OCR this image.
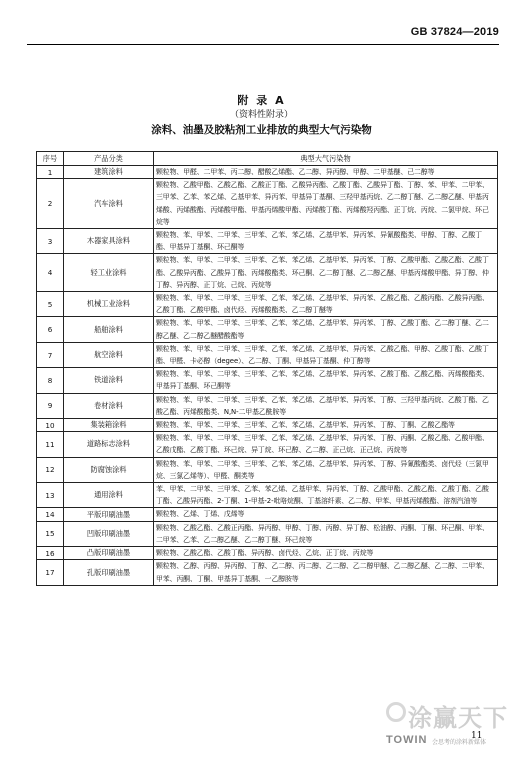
GB 37824—2019
附 录 A
（资料性附录）
涂料、油墨及胶粘剂工业排放的典型大气污染物
序号	产品分类	典型大气污染物
1	建筑涂料	颗粒物、甲醛、二甲苯、丙二醇、醋酸乙烯酯、乙二醇、异丙醇、甲醇、二甲基醚、己二醇等
2	汽车涂料	颗粒物、乙酸甲酯、乙酸乙酯、乙酸正丁酯、乙酸异丙酯、乙酸丁酯、乙酸异丁酯、丁醇、苯、甲苯、二甲苯、三甲苯、乙苯、苯乙烯、乙基甲苯、异丙苯、甲基异丁基酮、三羟甲基丙烷、乙二醇丁醚、乙二醇乙醚、甲基丙烯酸、丙烯酸酯、丙烯酸甲酯、甲基丙烯酸甲酯、丙烯酸丁酯、丙烯酸羟丙酯、正丁烷、丙烷、二氯甲烷、环己烷等
3	木器家具涂料	颗粒物、苯、甲苯、二甲苯、三甲苯、乙苯、苯乙烯、乙基甲苯、异丙苯、异氰酸酯类、甲醇、丁醇、乙酸丁酯、甲基异丁基酮、环己酮等
4	轻工业涂料	颗粒物、苯、甲苯、二甲苯、三甲苯、乙苯、苯乙烯、乙基甲苯、异丙苯、丁醇、乙酸甲酯、乙酸乙酯、乙酸丁酯、乙酸异丙酯、乙酸异丁酯、丙烯酸酯类、环己酮、乙二醇丁醚、乙二醇乙醚、甲基丙烯酸甲酯、异丁醇、仲丁醇、异丙醇、正丁烷、己烷、丙烷等
5	机械工业涂料	颗粒物、苯、甲苯、二甲苯、三甲苯、乙苯、苯乙烯、乙基甲苯、异丙苯、乙酸乙酯、乙酸丙酯、乙酸异丙酯、乙酸丁酯、乙酸甲酯、卤代烃、丙烯酸酯类、乙二醇丁醚等
6	船舶涂料	颗粒物、苯、甲苯、二甲苯、三甲苯、乙苯、苯乙烯、乙基甲苯、异丙苯、丁醇、乙酸丁酯、乙二醇丁醚、乙二醇乙醚、乙二醇乙醚醋酸酯等
7	航空涂料	颗粒物、苯、甲苯、二甲苯、三甲苯、乙苯、苯乙烯、乙基甲苯、异丙苯、乙酸乙酯、甲醇、乙酸丁酯、乙酸丁酯、甲醛、卡必醇（degee）、乙二醇、丁酮、甲基异丁基酮、仲丁醇等
8	铁道涂料	颗粒物、苯、甲苯、二甲苯、三甲苯、乙苯、苯乙烯、乙基甲苯、异丙苯、乙酸丁酯、乙酸乙酯、丙烯酸酯类、甲基异丁基酮、环己酮等
9	卷材涂料	颗粒物、苯、甲苯、二甲苯、三甲苯、乙苯、苯乙烯、乙基甲苯、异丙苯、丁醇、三羟甲基丙烷、乙酸丁酯、乙酸乙酯、丙烯酸酯类、N,N-二甲基乙酰胺等
10	集装箱涂料	颗粒物、苯、甲苯、二甲苯、三甲苯、乙苯、苯乙烯、乙基甲苯、异丙苯、丁醇、丁酮、乙酸乙酯等
11	道路标志涂料	颗粒物、苯、甲苯、二甲苯、三甲苯、乙苯、苯乙烯、乙基甲苯、异丙苯、丁醇、丙酮、乙酸乙酯、乙酸甲酯、乙酸戊酯、乙酸丁酯、环己烷、异丁烷、环己醇、乙二醇、正己烷、正己烷、丙烷等
12	防腐蚀涂料	颗粒物、苯、甲苯、二甲苯、三甲苯、乙苯、苯乙烯、乙基甲苯、异丙苯、丁醇、异氰酸酯类、卤代烃（三氯甲烷、三氯乙烯等）、甲醛、酮类等
13	通用涂料	苯、甲苯、二甲苯、三甲苯、乙苯、苯乙烯、乙基甲苯、异丙苯、丁醇、乙酸甲酯、乙酸乙酯、乙酸丁酯、乙酸丁酯、乙酸异丙酯、2-丁酮、1-甲基-2-吡咯烷酮、丁基溶纤素、乙二醇、甲苯、甲基丙烯酸酯、溶剂汽油等
14	平版印刷油墨	颗粒物、乙烯、丁烯、戊烯等
15	凹版印刷油墨	颗粒物、乙酸乙酯、乙酸正丙酯、异丙醇、甲醇、丁醇、丙醇、异丁醇、松油醇、丙酮、丁酮、环己酮、甲苯、二甲苯、乙苯、乙二醇乙醚、乙二醇丁醚、环己烷等
16	凸版印刷油墨	颗粒物、乙酸乙酯、乙酸丁酯、异丙醇、卤代烃、乙烷、正丁烷、丙烷等
17	孔版印刷油墨	颗粒物、乙醇、丙醇、异丙醇、丁醇、乙二醇、丙二醇、乙二醇、乙二醇甲醚、乙二醇乙醚、乙二醇、二甲苯、甲苯、丙酮、丁酮、甲基异丁基酮、一乙醇胺等
11
涂赢天下
TOWIN 会思考的涂料新媒体
